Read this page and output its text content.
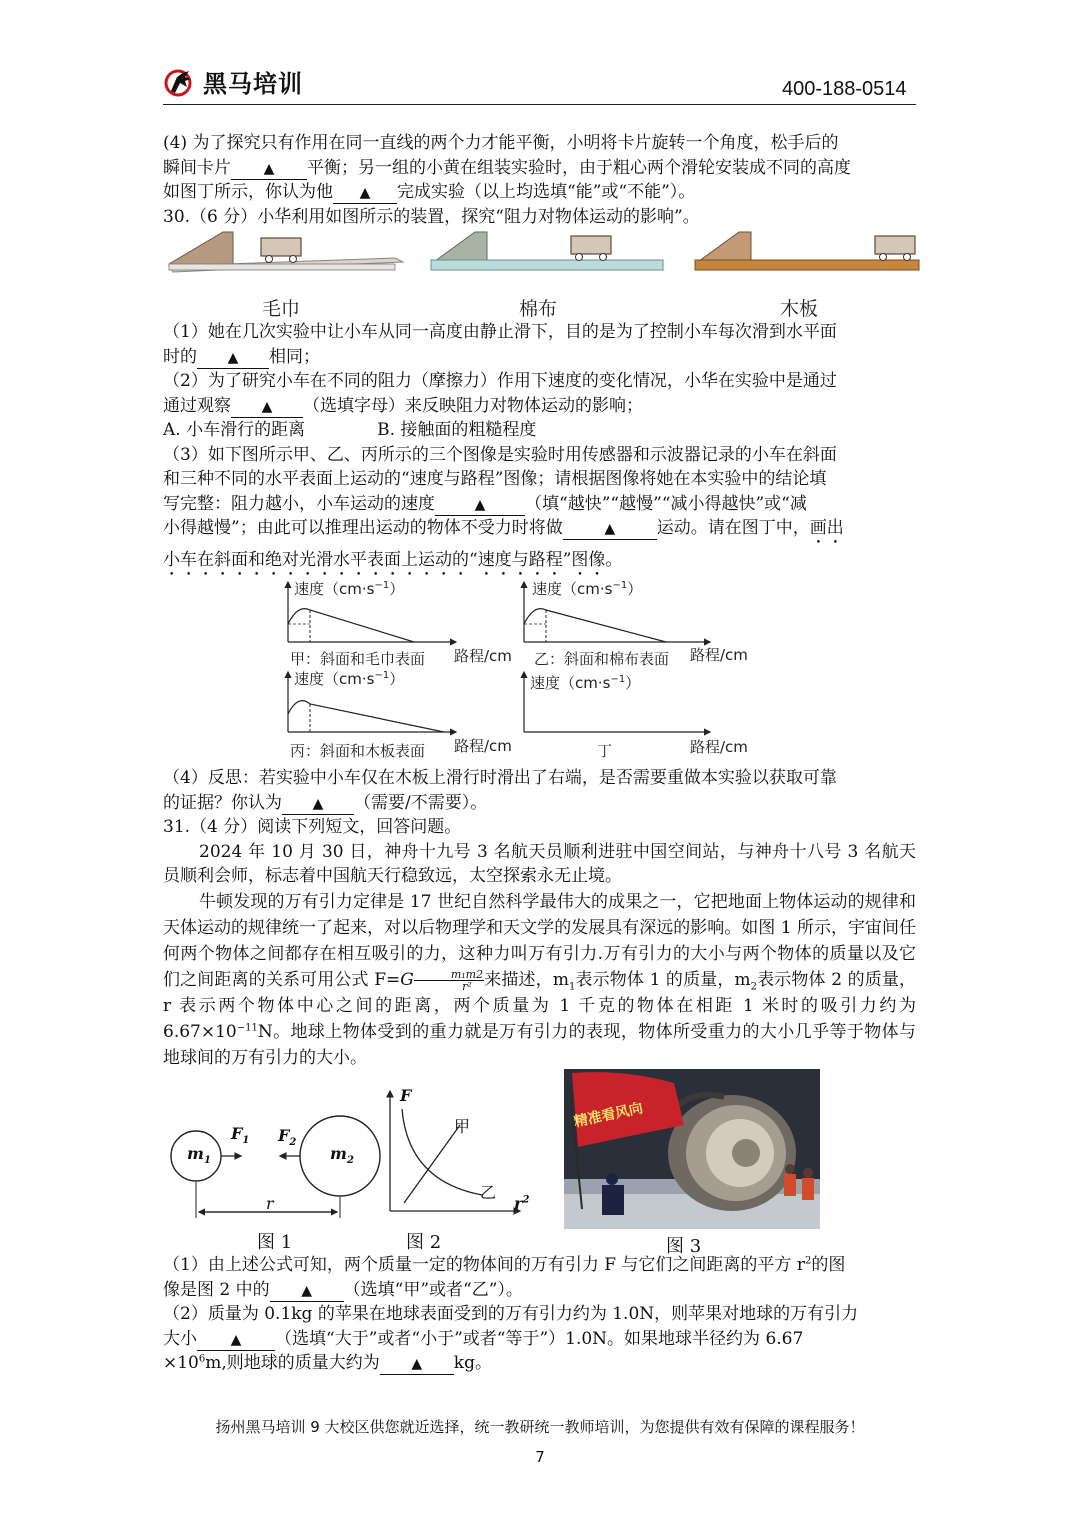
黑马培训	400-188-0514

(4) 为了探究只有作用在同一直线的两个力才能平衡，小明将卡片旋转一个角度，松手后的

瞬间卡片 ▲ 平衡；另一组的小黄在组装实验时，由于粗心两个滑轮安装成不同的高度

如图丁所示，你认为他 ▲ 完成实验（以上均选填“能”或“不能”）。

30.（6 分）小华利用如图所示的装置，探究“阻力对物体运动的影响”。
毛巾	棉布	木板

（1）她在几次实验中让小车从同一高度由静止滑下，目的是为了控制小车每次滑到水平面

时的 ▲ 相同；

（2）为了研究小车在不同的阻力（摩擦力）作用下速度的变化情况，小华在实验中是通过

通过观察 ▲ （选填字母）来反映阻力对物体运动的影响；

A. 小车滑行的距离	B. 接触面的粗糙程度

（3）如下图所示甲、乙、丙所示的三个图像是实验时用传感器和示波器记录的小车在斜面

和三种不同的水平表面上运动的“速度与路程”图像；请根据图像将她在本实验中的结论填

写完整：阻力越小，小车运动的速度	▲ （填“越快”“越慢”“减小得越快”或“减

小得越慢”；由此可以推理出运动的物体不受力时将做	▲ 运动。请在图丁中，画出

小车在斜面和绝对光滑水平表面上运动的“速度与路程”图像。

速度$(cm\cdot s^{-1})$	速度$(cm\cdot s^{-1})$
速度$(cm\cdot s^{-1})$	速度$(cm\cdot s^{-1})$
甲：斜面和毛巾表面 路程/cm 乙：斜面和棉布表面 路程/cm
丙：斜面和木板表面 路程/cm	丁	路程/cm

（4）反思：若实验中小车仅在木板上滑行时滑出了右端，是否需要重做本实验以获取可靠

的证据？你认为 ▲ （需要/不需要）。

31.（4 分）阅读下列短文，回答问题。

2024 年 10 月 30 日，神舟十九号 3 名航天员顺利进驻中国空间站，与神舟十八号 3 名航天员顺利会师，标志着中国航天行稳致远，太空探索永无止境。

牛顿发现的万有引力定律是 17 世纪自然科学最伟大的成果之一，它把地面上物体运动的规律和天体运动的规律统一了起来，对以后物理学和天文学的发展具有深远的影响。如图 1 所示，宇宙间任何两个物体之间都存在相互吸引的力，这种力叫万有引力.万有引力的大小与两个物体的质量以及它们之间距离的关系可用公式 $F=G \frac{\text{m₁m2}}{\text{r²}}$ 来描述，$m_1$表示物体 1 的质量，$m_2$表示物体 2 的质量，r 表示两个物体中心之间的距离，两个质量为 1 千克的物体在相距 1 米时的吸引力约为 $6.67\times 10^{-11}N$。地球上物体受到的重力就是万有引力的表现，物体所受重力的大小几乎等于物体与地球间的万有引力的大小。

$m_1$	$m_2$
$F_1$ $F_2$
r
图 1
F
甲
乙
$r^2$
图 2
精准看风向
图 3

（1）由上述公式可知，两个质量一定的物体间的万有引力 F 与它们之间距离的平方 $r^2$的图

像是图 2 中的 ▲ （选填“甲”或者“乙”）。

（2）质量为 0.1kg 的苹果在地球表面受到的万有引力约为 1.0N，则苹果对地球的万有引力

大小 ▲ （选填“大于”或者“小于”或者“等于”）1.0N。如果地球半径约为 6.67

$\times 10^6m$,则地球的质量大约为 ▲ kg。

扬州黑马培训 9 大校区供您就近选择，统一教研统一教师培训，为您提供有效有保障的课程服务！
7
